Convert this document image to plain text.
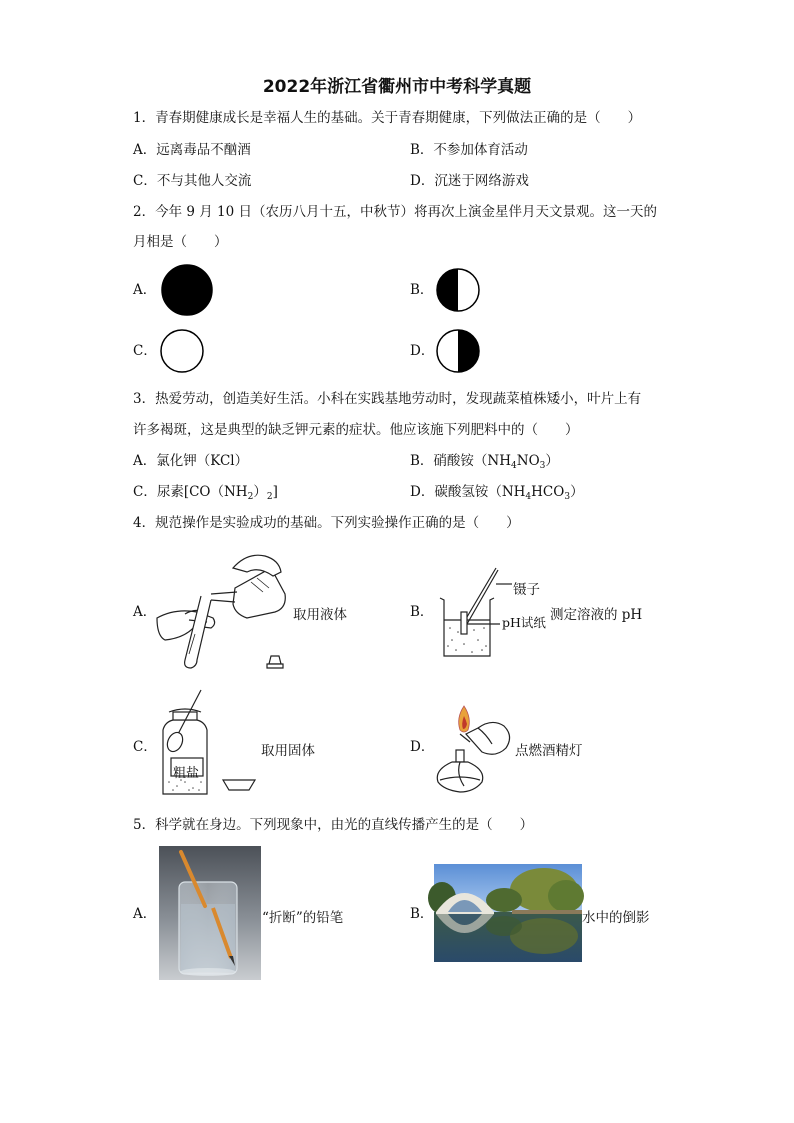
2022年浙江省衢州市中考科学真题
1．青春期健康成长是幸福人生的基础。关于青春期健康，下列做法正确的是（　　）
A．远离毒品不酗酒	B．不参加体育活动
C．不与其他人交流	D．沉迷于网络游戏
2．今年 9 月 10 日（农历八月十五，中秋节）将再次上演金星伴月天文景观。这一天的
月相是（　　）
A．	B．
C．	D．
3．热爱劳动，创造美好生活。小科在实践基地劳动时，发现蔬菜植株矮小，叶片上有
许多褐斑，这是典型的缺乏钾元素的症状。他应该施下列肥料中的（　　）
A．氯化钾（KCl）	B．硝酸铵$(NH_4NO_3)$
C．尿素$[CO(NH_2)_2]$	D．碳酸氢铵$(NH_4HCO_3)$
4．规范操作是实验成功的基础。下列实验操作正确的是（　　）
A．	取用液体	B．
镊子
pH试纸 测定溶液的 pH
C．
粗盐
取用固体	D．	点燃酒精灯
5．科学就在身边。下列现象中，由光的直线传播产生的是（　　）
A．	“折断”的铅笔	B．	水中的倒影
